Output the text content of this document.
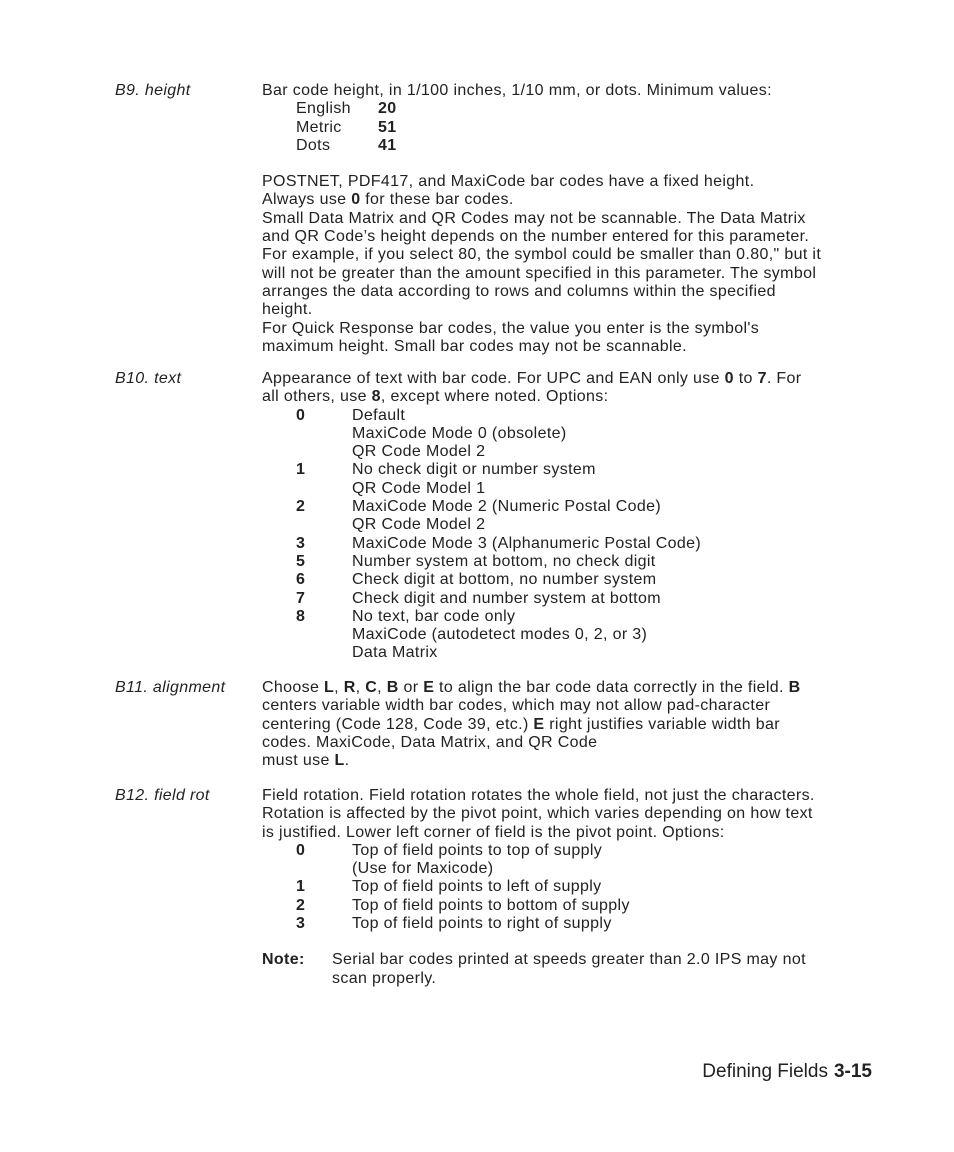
B9. height	Bar code height, in 1/100 inches, 1/10 mm, or dots. Minimum values:
English	20
Metric	51
Dots	41
POSTNET, PDF417, and MaxiCode bar codes have a fixed height.
Always use 0 for these bar codes.
Small Data Matrix and QR Codes may not be scannable. The Data Matrix
and QR Code’s height depends on the number entered for this parameter.
For example, if you select 80, the symbol could be smaller than 0.80," but it
will not be greater than the amount specified in this parameter. The symbol
arranges the data according to rows and columns within the specified
height.
For Quick Response bar codes, the value you enter is the symbol's
maximum height. Small bar codes may not be scannable.
B10. text	Appearance of text with bar code. For UPC and EAN only use 0 to 7. For
all others, use 8, except where noted. Options:
0	Default
MaxiCode Mode 0 (obsolete)
QR Code Model 2
1	No check digit or number system
QR Code Model 1
2	MaxiCode Mode 2 (Numeric Postal Code)
QR Code Model 2
3	MaxiCode Mode 3 (Alphanumeric Postal Code)
5	Number system at bottom, no check digit
6	Check digit at bottom, no number system
7	Check digit and number system at bottom
8	No text, bar code only
MaxiCode (autodetect modes 0, 2, or 3)
Data Matrix
B11. alignment Choose L, R, C, B or E to align the bar code data correctly in the field. B
centers variable width bar codes, which may not allow pad-character
centering (Code 128, Code 39, etc.) E right justifies variable width bar
codes. MaxiCode, Data Matrix, and QR Code
must use L.
B12. field rot	Field rotation. Field rotation rotates the whole field, not just the characters.
Rotation is affected by the pivot point, which varies depending on how text
is justified. Lower left corner of field is the pivot point. Options:
0	Top of field points to top of supply
(Use for Maxicode)
1	Top of field points to left of supply
2	Top of field points to bottom of supply
3	Top of field points to right of supply
Note:	Serial bar codes printed at speeds greater than 2.0 IPS may not
scan properly.
Defining Fields 3-15
